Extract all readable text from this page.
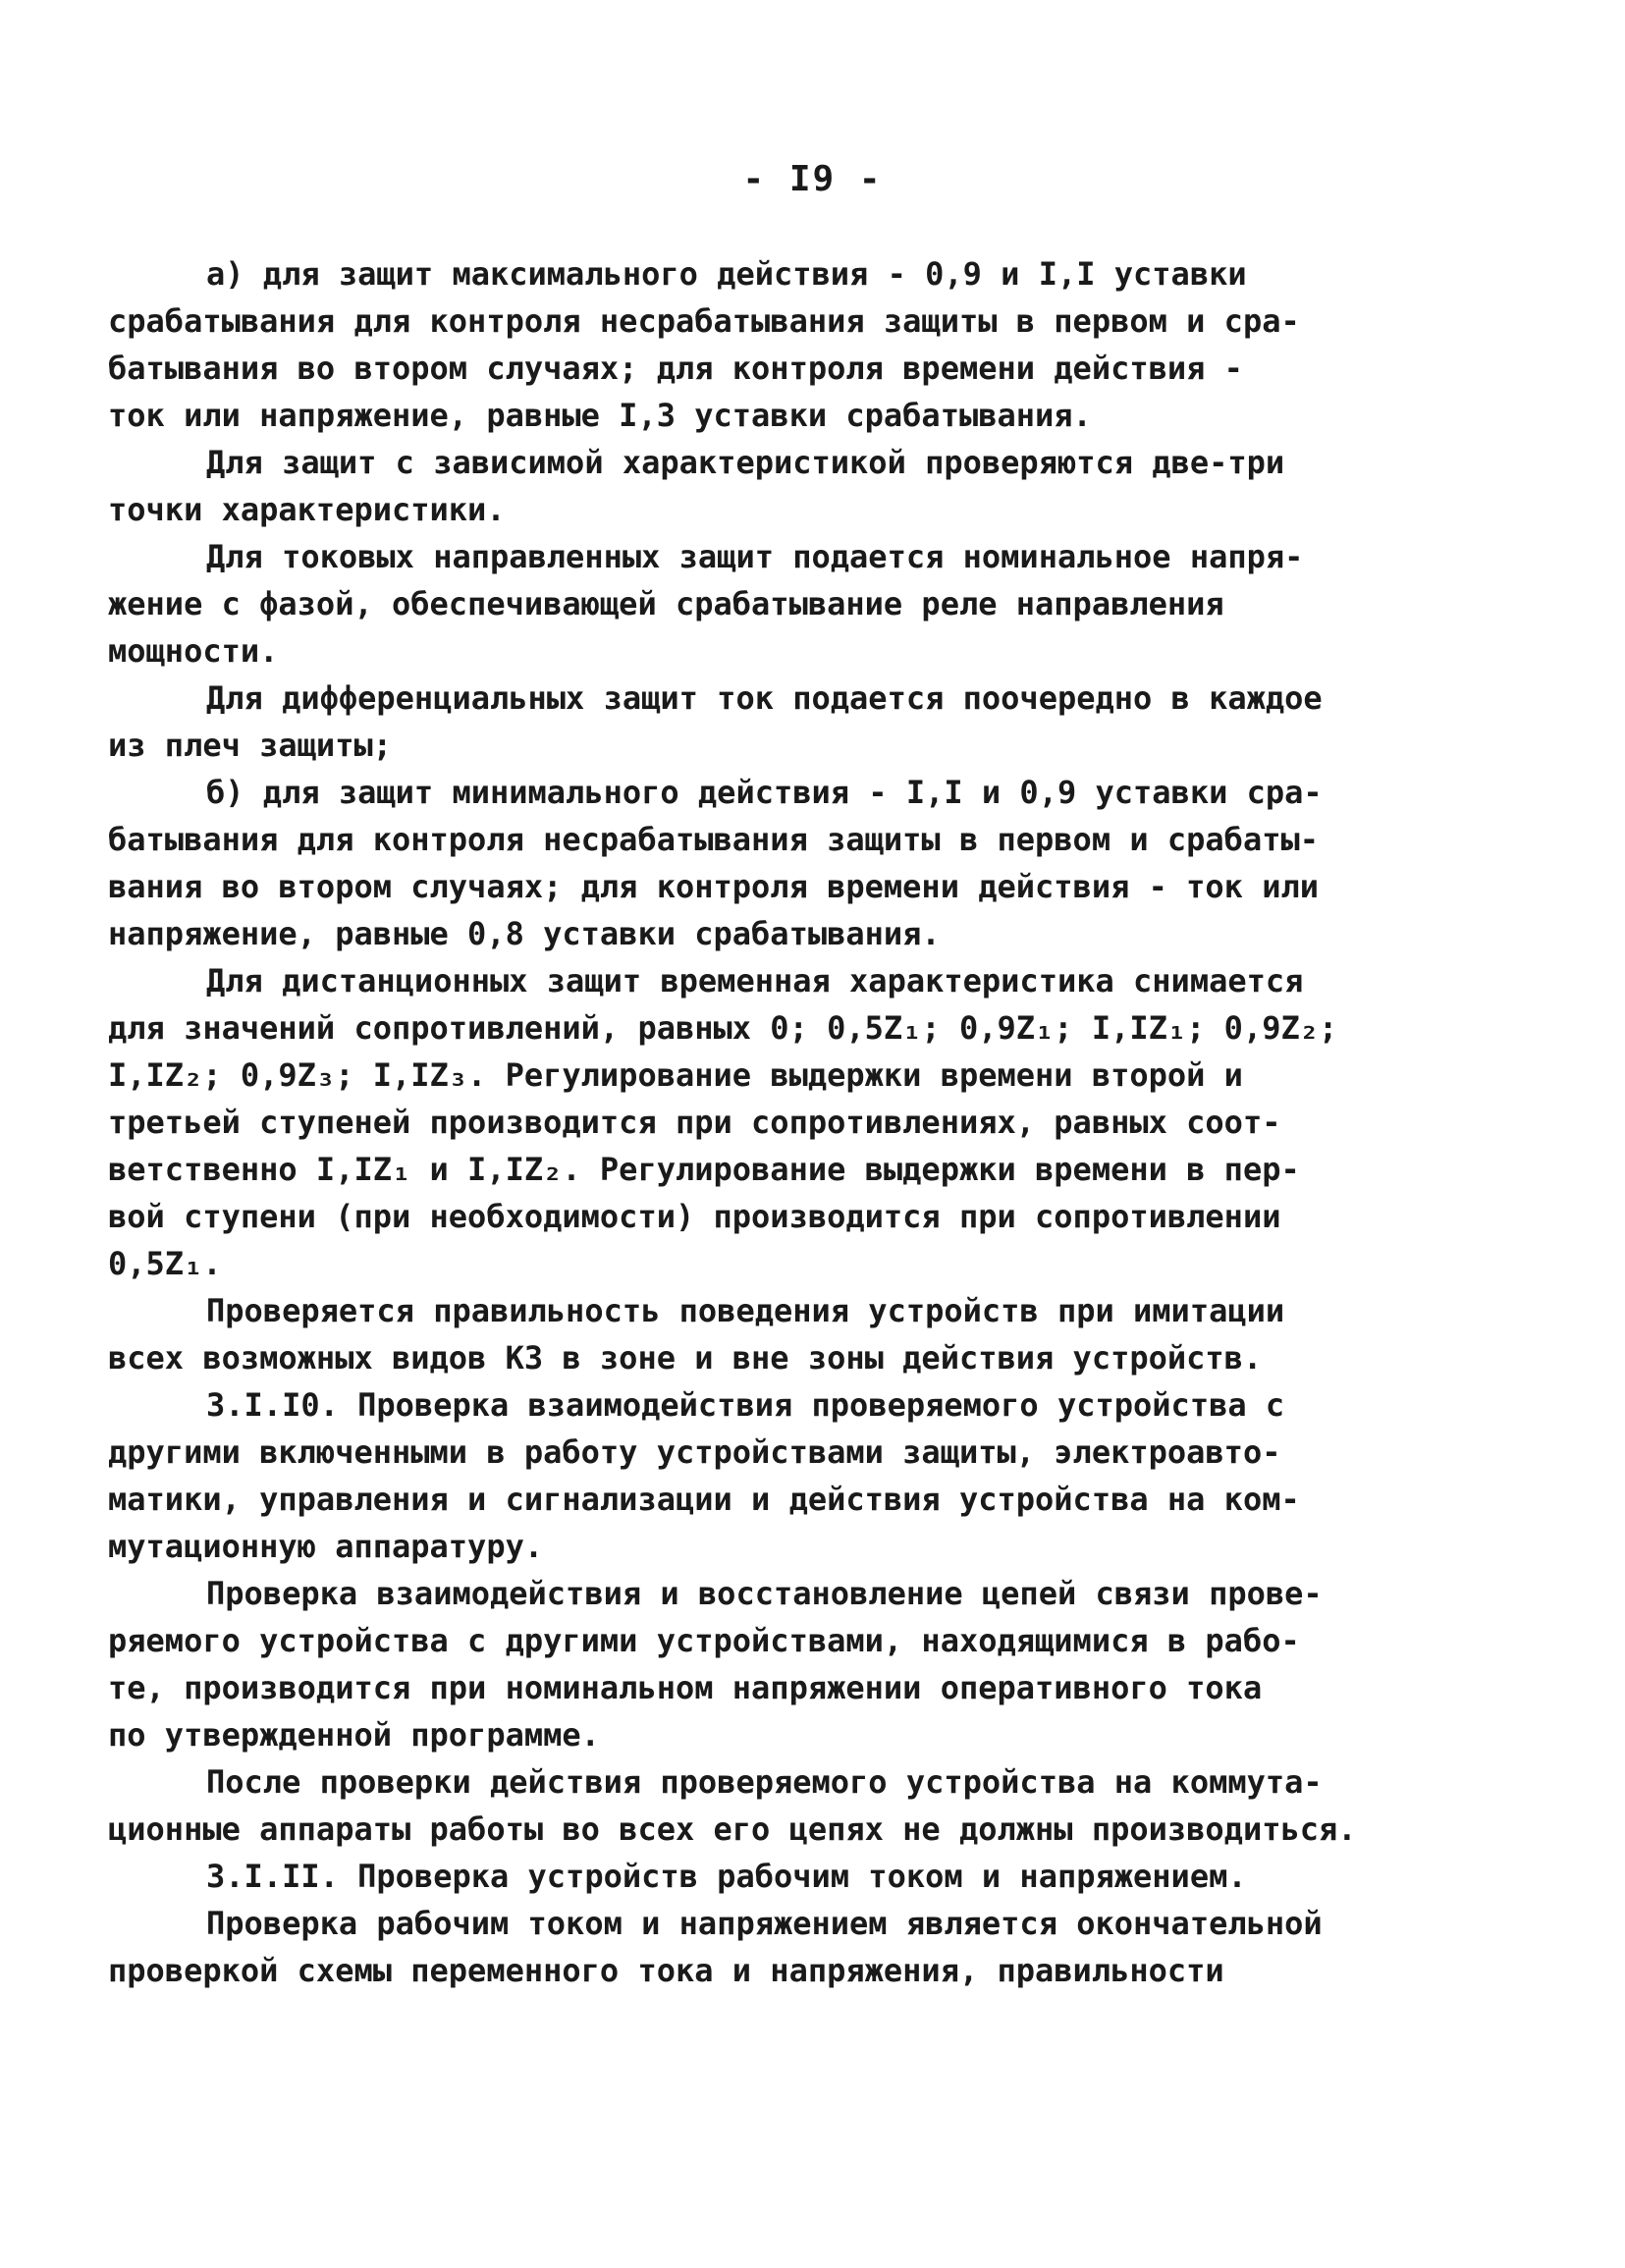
- I9 -
а) для защит максимального действия - 0,9 и I,I уставки
срабатывания для контроля несрабатывания защиты в первом и сра-
батывания во втором случаях; для контроля времени действия -
ток или напряжение, равные I,3 уставки срабатывания.
Для защит с зависимой характеристикой проверяются две-три
точки характеристики.
Для токовых направленных защит подается номинальное напря-
жение с фазой, обеспечивающей срабатывание реле направления
мощности.
Для дифференциальных защит ток подается поочередно в каждое
из плеч защиты;
б) для защит минимального действия - I,I и 0,9 уставки сра-
батывания для контроля несрабатывания защиты в первом и срабаты-
вания во втором случаях; для контроля времени действия - ток или
напряжение, равные 0,8 уставки срабатывания.
Для дистанционных защит временная характеристика снимается
для значений сопротивлений, равных 0; 0,5Z₁; 0,9Z₁; I,IZ₁; 0,9Z₂;
I,IZ₂; 0,9Z₃; I,IZ₃. Регулирование выдержки времени второй и
третьей ступеней производится при сопротивлениях, равных соот-
ветственно I,IZ₁ и I,IZ₂. Регулирование выдержки времени в пер-
вой ступени (при необходимости) производится при сопротивлении
0,5Z₁.
Проверяется правильность поведения устройств при имитации
всех возможных видов КЗ в зоне и вне зоны действия устройств.
3.I.I0. Проверка взаимодействия проверяемого устройства с
другими включенными в работу устройствами защиты, электроавто-
матики, управления и сигнализации и действия устройства на ком-
мутационную аппаратуру.
Проверка взаимодействия и восстановление цепей связи прове-
ряемого устройства с другими устройствами, находящимися в рабо-
те, производится при номинальном напряжении оперативного тока
по утвержденной программе.
После проверки действия проверяемого устройства на коммута-
ционные аппараты работы во всех его цепях не должны производиться.
3.I.II. Проверка устройств рабочим током и напряжением.
Проверка рабочим током и напряжением является окончательной
проверкой схемы переменного тока и напряжения, правильности
